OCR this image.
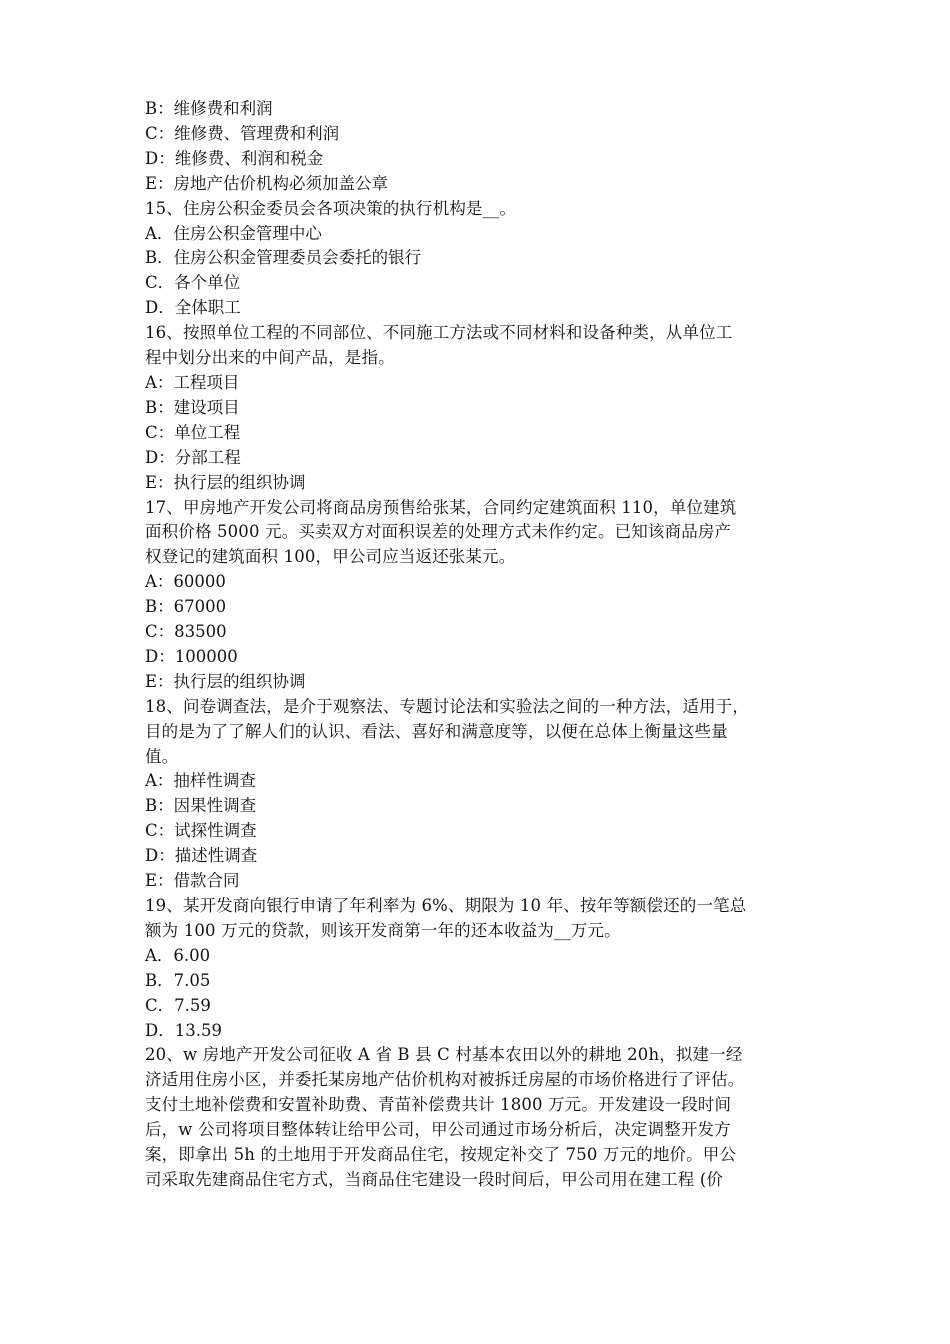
B：维修费和利润
C：维修费、管理费和利润
D：维修费、利润和税金
E：房地产估价机构必须加盖公章
15、住房公积金委员会各项决策的执行机构是__。
A．住房公积金管理中心
B．住房公积金管理委员会委托的银行
C．各个单位
D．全体职工
16、按照单位工程的不同部位、不同施工方法或不同材料和设备种类，从单位工
程中划分出来的中间产品，是指。
A：工程项目
B：建设项目
C：单位工程
D：分部工程
E：执行层的组织协调
17、甲房地产开发公司将商品房预售给张某，合同约定建筑面积 110，单位建筑
面积价格 5000 元。买卖双方对面积误差的处理方式未作约定。已知该商品房产
权登记的建筑面积 100，甲公司应当返还张某元。
A：60000
B：67000
C：83500
D：100000
E：执行层的组织协调
18、问卷调查法，是介于观察法、专题讨论法和实验法之间的一种方法，适用于，
目的是为了了解人们的认识、看法、喜好和满意度等，以便在总体上衡量这些量
值。
A：抽样性调查
B：因果性调查
C：试探性调查
D：描述性调查
E：借款合同
19、某开发商向银行申请了年利率为 6%、期限为 10 年、按年等额偿还的一笔总
额为 100 万元的贷款，则该开发商第一年的还本收益为__万元。
A．6.00
B．7.05
C．7.59
D．13.59
20、w 房地产开发公司征收 A 省 B 县 C 村基本农田以外的耕地 20h，拟建一经
济适用住房小区，并委托某房地产估价机构对被拆迁房屋的市场价格进行了评估。
支付土地补偿费和安置补助费、青苗补偿费共计 1800 万元。开发建设一段时间
后，w 公司将项目整体转让给甲公司，甲公司通过市场分析后，决定调整开发方
案，即拿出 5h 的土地用于开发商品住宅，按规定补交了 750 万元的地价。甲公
司采取先建商品住宅方式，当商品住宅建设一段时间后，甲公司用在建工程 (价
